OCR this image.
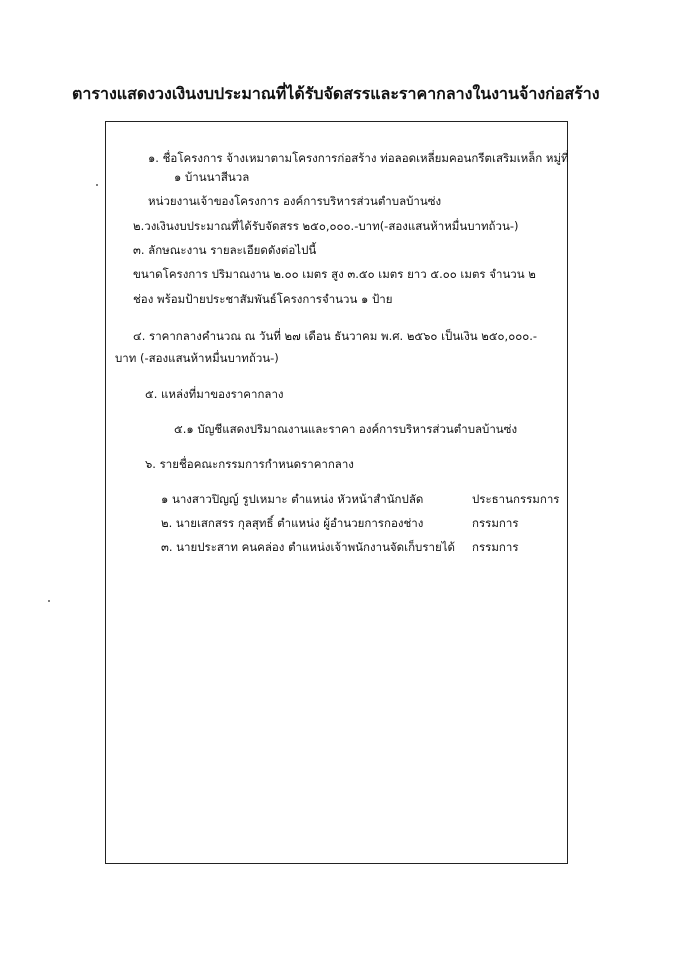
ตารางแสดงวงเงินงบประมาณที่ได้รับจัดสรรและราคากลางในงานจ้างก่อสร้าง
๑. ชื่อโครงการ จ้างเหมาตามโครงการก่อสร้าง ท่อลอดเหลี่ยมคอนกรีตเสริมเหล็ก หมู่ที่
๑ บ้านนาสีนวล
หน่วยงานเจ้าของโครงการ องค์การบริหารส่วนตำบลบ้านซ่ง
๒.วงเงินงบประมาณที่ได้รับจัดสรร ๒๕๐,๐๐๐.-บาท(-สองแสนห้าหมื่นบาทถ้วน-)
๓. ลักษณะงาน รายละเอียดดังต่อไปนี้
ขนาดโครงการ ปริมาณงาน ๒.๐๐ เมตร สูง ๓.๕๐ เมตร ยาว ๕.๐๐ เมตร จำนวน ๒
ช่อง พร้อมป้ายประชาสัมพันธ์โครงการจำนวน ๑ ป้าย
๔. ราคากลางคำนวณ ณ วันที่ ๒๗ เดือน ธันวาคม พ.ศ. ๒๕๖๐ เป็นเงิน ๒๕๐,๐๐๐.-
บาท (-สองแสนห้าหมื่นบาทถ้วน-)
๕. แหล่งที่มาของราคากลาง
๕.๑ บัญชีแสดงปริมาณงานและราคา องค์การบริหารส่วนตำบลบ้านซ่ง
๖. รายชื่อคณะกรรมการกำหนดราคากลาง
๑ นางสาวปิญญ์ รูปเหมาะ ตำแหน่ง หัวหน้าสำนักปลัด	ประธานกรรมการ
๒. นายเสกสรร กุลสุทธิ์ ตำแหน่ง ผู้อำนวยการกองช่าง	กรรมการ
๓. นายประสาท คนคล่อง ตำแหน่งเจ้าพนักงานจัดเก็บรายได้ กรรมการ
